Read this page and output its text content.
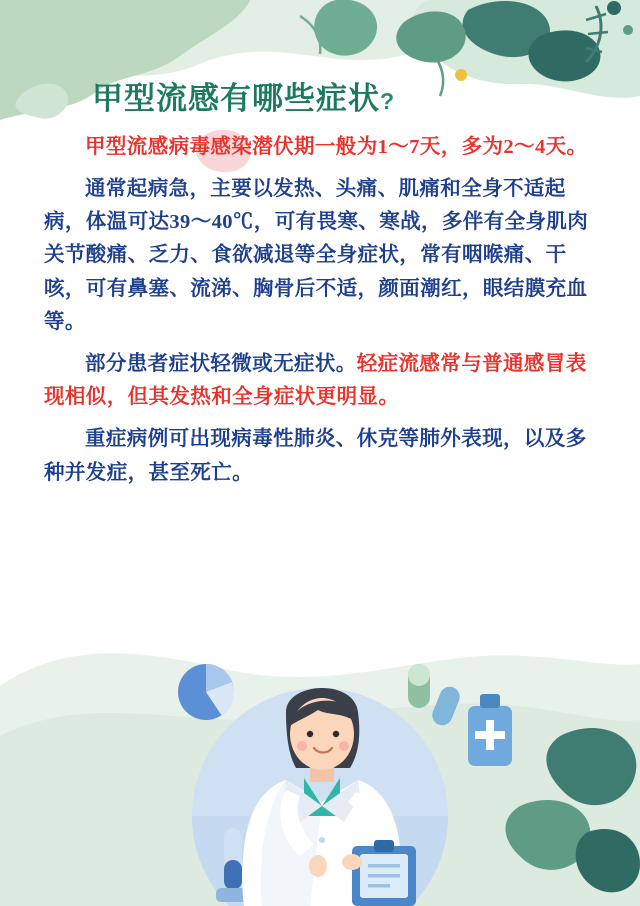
甲型流感有哪些症状?

甲型流感病毒感染潜伏期一般为1～7天，多为2～4天。

通常起病急，主要以发热、头痛、肌痛和全身不适起病，体温可达39～40℃，可有畏寒、寒战，多伴有全身肌肉关节酸痛、乏力、食欲减退等全身症状，常有咽喉痛、干咳，可有鼻塞、流涕、胸骨后不适，颜面潮红，眼结膜充血等。

部分患者症状轻微或无症状。轻症流感常与普通感冒表现相似，但其发热和全身症状更明显。

重症病例可出现病毒性肺炎、休克等肺外表现，以及多种并发症，甚至死亡。
